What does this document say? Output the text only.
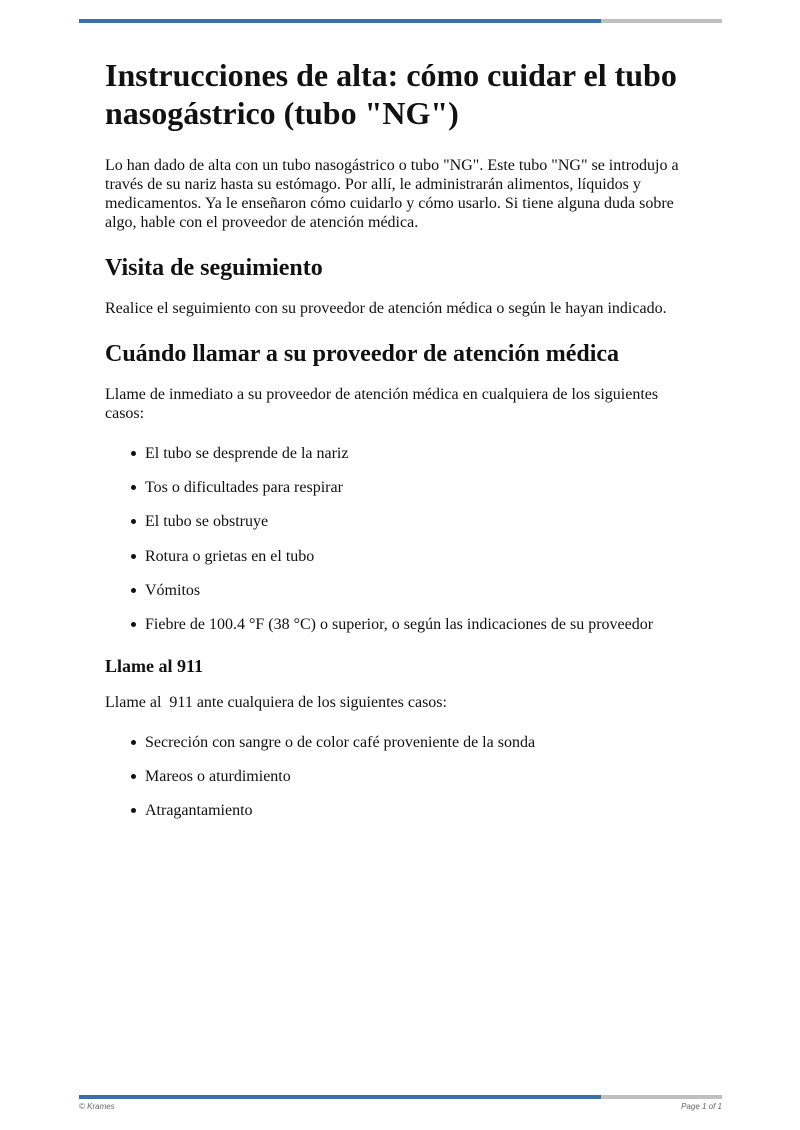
Instrucciones de alta: cómo cuidar el tubo nasogástrico (tubo "NG")

Lo han dado de alta con un tubo nasogástrico o tubo "NG". Este tubo "NG" se introdujo a través de su nariz hasta su estómago. Por allí, le administrarán alimentos, líquidos y medicamentos. Ya le enseñaron cómo cuidarlo y cómo usarlo. Si tiene alguna duda sobre algo, hable con el proveedor de atención médica.

Visita de seguimiento

Realice el seguimiento con su proveedor de atención médica o según le hayan indicado.

Cuándo llamar a su proveedor de atención médica

Llame de inmediato a su proveedor de atención médica en cualquiera de los siguientes casos:

El tubo se desprende de la nariz
Tos o dificultades para respirar
El tubo se obstruye
Rotura o grietas en el tubo
Vómitos
Fiebre de 100.4 °F (38 °C) o superior, o según las indicaciones de su proveedor
Llame al 911

Llame al  911 ante cualquiera de los siguientes casos:

Secreción con sangre o de color café proveniente de la sonda
Mareos o aturdimiento
Atragantamiento
© Krames	Page 1 of 1
